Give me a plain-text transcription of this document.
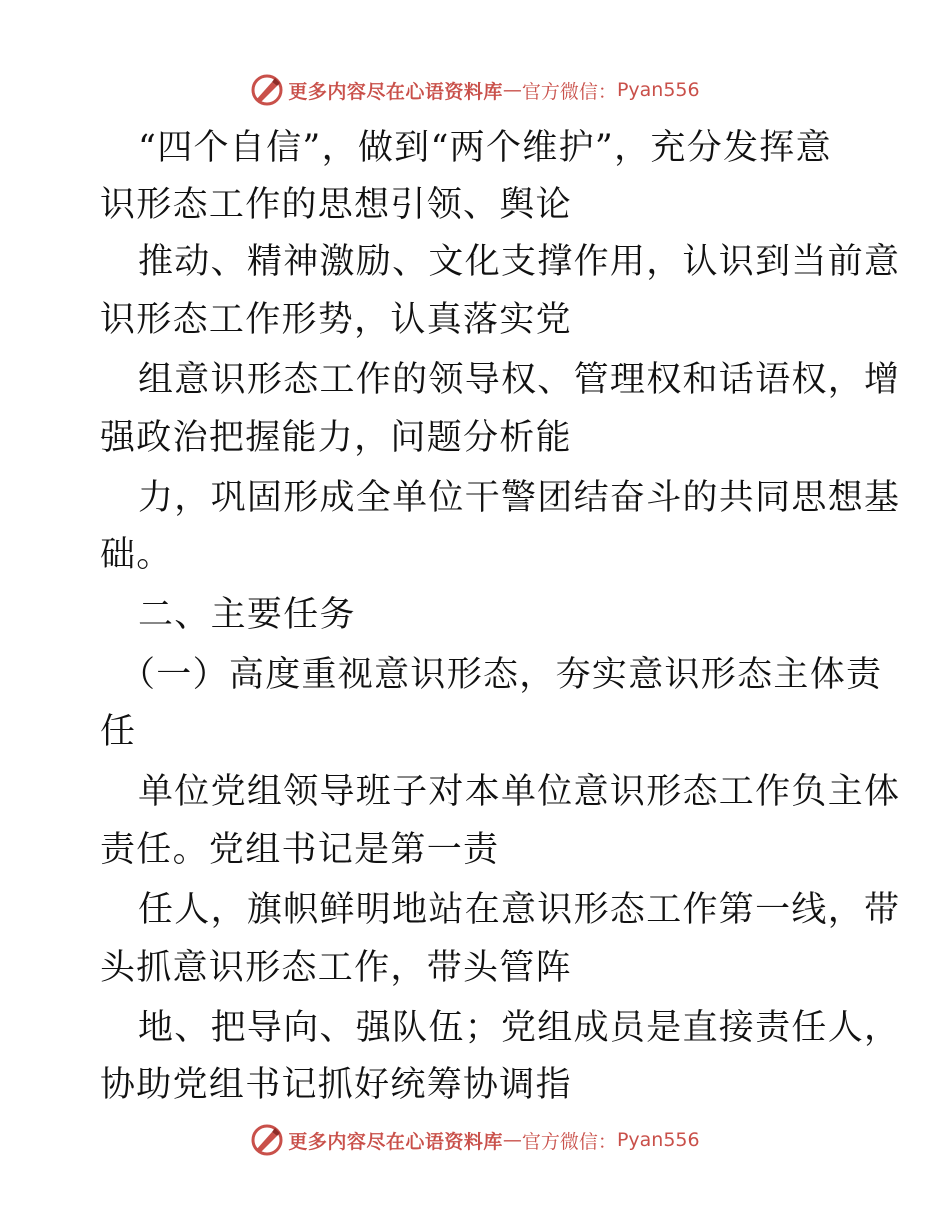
更多内容尽在心语资料库 — 官方微信： Pyan556
“四个自信”，做到“两个维护”，充分发挥意
识形态工作的思想引领、舆论
推动、精神激励、文化支撑作用，认识到当前意
识形态工作形势，认真落实党
组意识形态工作的领导权、管理权和话语权，增
强政治把握能力，问题分析能
力，巩固形成全单位干警团结奋斗的共同思想基
础。
二、主要任务
（一）高度重视意识形态，夯实意识形态主体责
任
单位党组领导班子对本单位意识形态工作负主体
责任。党组书记是第一责
任人，旗帜鲜明地站在意识形态工作第一线，带
头抓意识形态工作，带头管阵
地、把导向、强队伍；党组成员是直接责任人，
协助党组书记抓好统筹协调指
更多内容尽在心语资料库 — 官方微信： Pyan556
